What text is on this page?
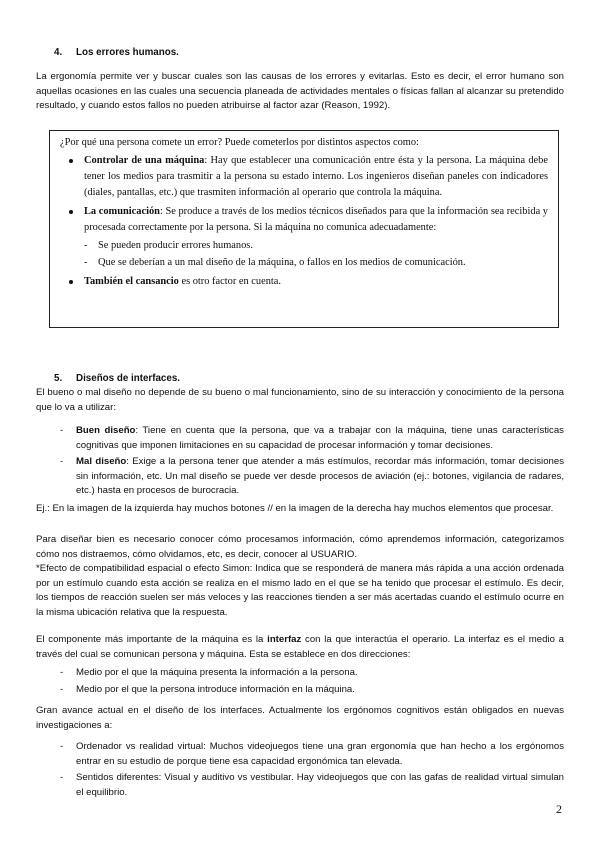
4. Los errores humanos.

La ergonomía permite ver y buscar cuales son las causas de los errores y evitarlas. Esto es decir, el error humano son aquellas ocasiones en las cuales una secuencia planeada de actividades mentales o físicas fallan al alcanzar su pretendido resultado, y cuando estos fallos no pueden atribuirse al factor azar (Reason, 1992).

¿Por qué una persona comete un error? Puede cometerlos por distintos aspectos como:

Controlar de una máquina: Hay que establecer una comunicación entre ésta y la persona. La máquina debe tener los medios para trasmitir a la persona su estado interno. Los ingenieros diseñan paneles con indicadores (diales, pantallas, etc.) que trasmiten información al operario que controla la máquina.
La comunicación: Se produce a través de los medios técnicos diseñados para que la información sea recibida y procesada correctamente por la persona. Si la máquina no comunica adecuadamente:
- Se pueden producir errores humanos.
- Que se deberían a un mal diseño de la máquina, o fallos en los medios de comunicación.
También el cansancio es otro factor en cuenta.
5. Diseños de interfaces.

El bueno o mal diseño no depende de su bueno o mal funcionamiento, sino de su interacción y conocimiento de la persona que lo va a utilizar:

- Buen diseño: Tiene en cuenta que la persona, que va a trabajar con la máquina, tiene unas características cognitivas que imponen limitaciones en su capacidad de procesar información y tomar decisiones.
- Mal diseño: Exige a la persona tener que atender a más estímulos, recordar más información, tomar decisiones sin información, etc. Un mal diseño se puede ver desde procesos de aviación (ej.: botones, vigilancia de radares, etc.) hasta en procesos de burocracia.

Ej.: En la imagen de la izquierda hay muchos botones // en la imagen de la derecha hay muchos elementos que procesar.

Para diseñar bien es necesario conocer cómo procesamos información, cómo aprendemos información, categorizamos cómo nos distraemos, cómo olvidamos, etc, es decir, conocer al USUARIO.

*Efecto de compatibilidad espacial o efecto Simon: Indica que se responderá de manera más rápida a una acción ordenada por un estímulo cuando esta acción se realiza en el mismo lado en el que se ha tenido que procesar el estímulo. Es decir, los tiempos de reacción suelen ser más veloces y las reacciones tienden a ser más acertadas cuando el estímulo ocurre en la misma ubicación relativa que la respuesta.

El componente más importante de la máquina es la interfaz con la que interactúa el operario. La interfaz es el medio a través del cual se comunican persona y máquina. Esta se establece en dos direcciones:

- Medio por el que la máquina presenta la información a la persona.
- Medio por el que la persona introduce información en la máquina.

Gran avance actual en el diseño de los interfaces. Actualmente los ergónomos cognitivos están obligados en nuevas investigaciones a:

- Ordenador vs realidad virtual: Muchos videojuegos tiene una gran ergonomía que han hecho a los ergónomos entrar en su estudio de porque tiene esa capacidad ergonómica tan elevada.
- Sentidos diferentes: Visual y auditivo vs vestibular. Hay videojuegos que con las gafas de realidad virtual simulan el equilibrio.
2
